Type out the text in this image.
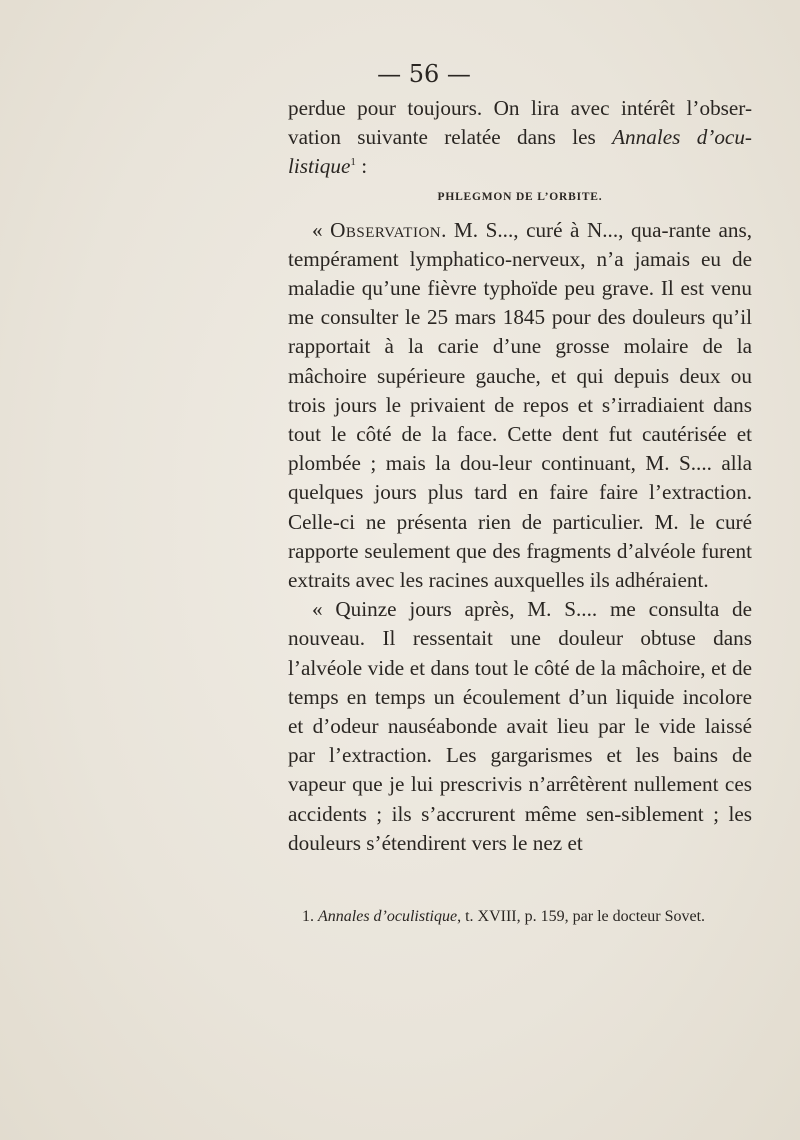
— 56 —

perdue pour toujours. On lira avec intérêt l’obser-vation suivante relatée dans les Annales d’ocu-listique$^1$ :

PHLEGMON DE L’ORBITE.

« Observation. M. S..., curé à N..., qua-rante ans, tempérament lymphatico-nerveux, n’a jamais eu de maladie qu’une fièvre typhoïde peu grave. Il est venu me consulter le 25 mars 1845 pour des douleurs qu’il rapportait à la carie d’une grosse molaire de la mâchoire supérieure gauche, et qui depuis deux ou trois jours le privaient de repos et s’irradiaient dans tout le côté de la face. Cette dent fut cautérisée et plombée ; mais la dou-leur continuant, M. S.... alla quelques jours plus tard en faire faire l’extraction. Celle-ci ne présenta rien de particulier. M. le curé rapporte seulement que des fragments d’alvéole furent extraits avec les racines auxquelles ils adhéraient.

« Quinze jours après, M. S.... me consulta de nouveau. Il ressentait une douleur obtuse dans l’alvéole vide et dans tout le côté de la mâchoire, et de temps en temps un écoulement d’un liquide incolore et d’odeur nauséabonde avait lieu par le vide laissé par l’extraction. Les gargarismes et les bains de vapeur que je lui prescrivis n’arrêtèrent nullement ces accidents ; ils s’accrurent même sen-siblement ; les douleurs s’étendirent vers le nez et

1. Annales d’oculistique, t. XVIII, p. 159, par le docteur Sovet.
